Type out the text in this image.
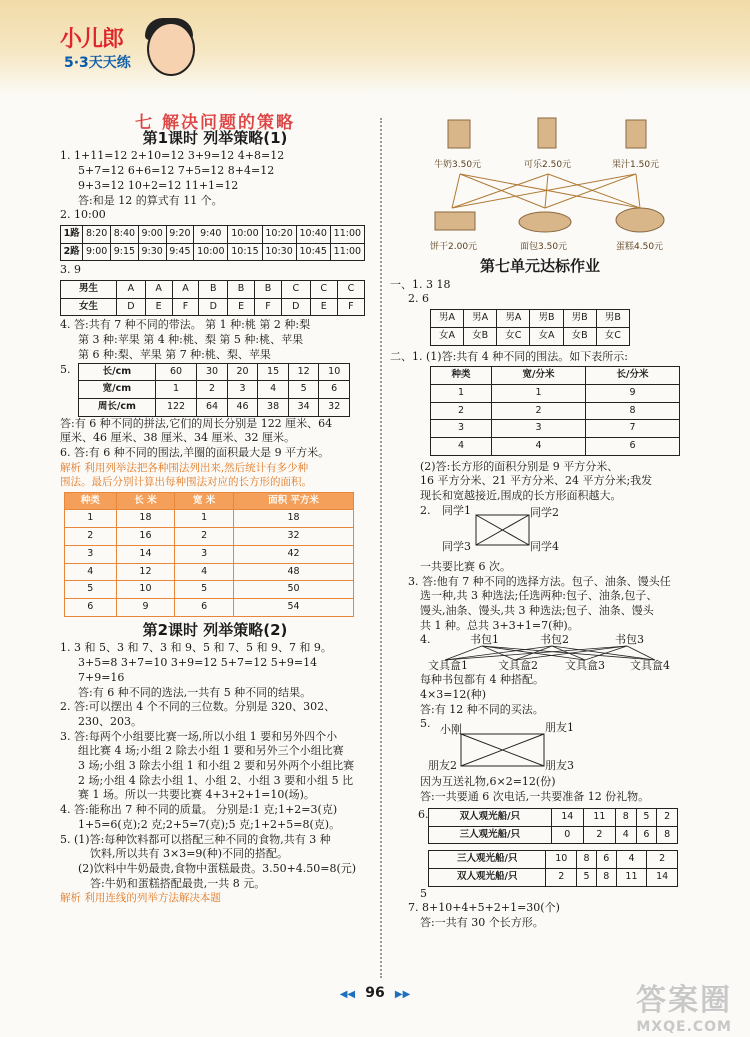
小儿郎
5·3天天练
七 解决问题的策略
第1课时 列举策略(1)
1. 1+11=12 2+10=12 3+9=12 4+8=12
5+7=12 6+6=12 7+5=12 8+4=12
9+3=12 10+2=12 11+1=12
答:和是 12 的算式有 11 个。
2. 10:00
1路	8:20	8:40	9:00	9:20	9:40	10:00	10:20	10:40	11:00
2路	9:00	9:15	9:30	9:45	10:00	10:15	10:30	10:45	11:00
3. 9
男生	A	A	A	B	B	B	C	C	C
女生	D	E	F	D	E	F	D	E	F
4. 答:共有 7 种不同的带法。 第 1 种:桃 第 2 种:梨
第 3 种:苹果 第 4 种:桃、梨 第 5 种:桃、苹果
第 6 种:梨、苹果 第 7 种:桃、梨、苹果
5.	长/cm	60	30	20	15	12	10
宽/cm	1	2	3	4	5	6
周长/cm	122	64	46	38	34	32
答:有 6 种不同的拼法,它们的周长分别是 122 厘米、64
厘米、46 厘米、38 厘米、34 厘米、32 厘米。
6. 答:有 6 种不同的围法,羊圈的面积最大是 9 平方米。
解析 利用列举法把各种围法列出来,然后统计有多少种
围法。最后分别计算出每种围法对应的长方形的面积。
种类	长 米	宽 米	面积 平方米
1	18	1	18
2	16	2	32
3	14	3	42
4	12	4	48
5	10	5	50
6	9	6	54
第2课时 列举策略(2)
1. 3 和 5、3 和 7、3 和 9、5 和 7、5 和 9、7 和 9。
3+5=8 3+7=10 3+9=12 5+7=12 5+9=14
7+9=16
答:有 6 种不同的选法,一共有 5 种不同的结果。
2. 答:可以摆出 4 个不同的三位数。分别是 320、302、
230、203。
3. 答:每两个小组要比赛一场,所以小组 1 要和另外四个小
组比赛 4 场;小组 2 除去小组 1 要和另外三个小组比赛
3 场;小组 3 除去小组 1 和小组 2 要和另外两个小组比赛
2 场;小组 4 除去小组 1、小组 2、小组 3 要和小组 5 比
赛 1 场。所以一共要比赛 4+3+2+1=10(场)。
4. 答:能称出 7 种不同的质量。 分别是:1 克;1+2=3(克)
1+5=6(克);2 克;2+5=7(克);5 克;1+2+5=8(克)。
5. (1)答:每种饮料都可以搭配三种不同的食物,共有 3 种
饮料,所以共有 3×3=9(种)不同的搭配。
(2)饮料中牛奶最贵,食物中蛋糕最贵。3.50+4.50=8(元)
答:牛奶和蛋糕搭配最贵,一共 8 元。
解析 利用连线的列举方法解决本题
牛奶3.50元	可乐2.50元	果汁1.50元
饼干2.00元	面包3.50元	蛋糕4.50元
第七单元达标作业
一、1. 3 18
2. 6
男A	男A	男A	男B	男B	男B
女A	女B	女C	女A	女B	女C
二、1. (1)答:共有 4 种不同的围法。如下表所示:
种类	宽/分米	长/分米
1	1	9
2	2	8
3	3	7
4	4	6
(2)答:长方形的面积分别是 9 平方分米、
16 平方分米、21 平方分米、24 平方分米;我发
现长和宽越接近,围成的长方形面积越大。
2. 同学1	同学2
同学3	同学4
一共要比赛 6 次。
3. 答:他有 7 种不同的选择方法。包子、油条、馒头任
选一种,共 3 种选法;任选两种:包子、油条,包子、
馒头,油条、馒头,共 3 种选法;包子、油条、馒头
共 1 种。总共 3+3+1=7(种)。
4.	书包1	书包2	书包3
文具盒1	文具盒2 文具盒3 文具盒4
每种书包都有 4 种搭配。
4×3=12(种)
答:有 12 种不同的买法。
5. 小刚	朋友1
朋友2	朋友3
因为互送礼物,6×2=12(份)
答:一共要通 6 次电话,一共要准备 12 份礼物。
6.	双人观光船/只	14	11	8	5	2
三人观光船/只	0	2	4	6	8
三人观光船/只	10	8	6	4	2
双人观光船/只	2	5	8	11	14
5
7. 8+10+4+5+2+1=30(个)
答:一共有 30 个长方形。
◀◀ 96 ▶▶	答案圈
MXQE.COM
